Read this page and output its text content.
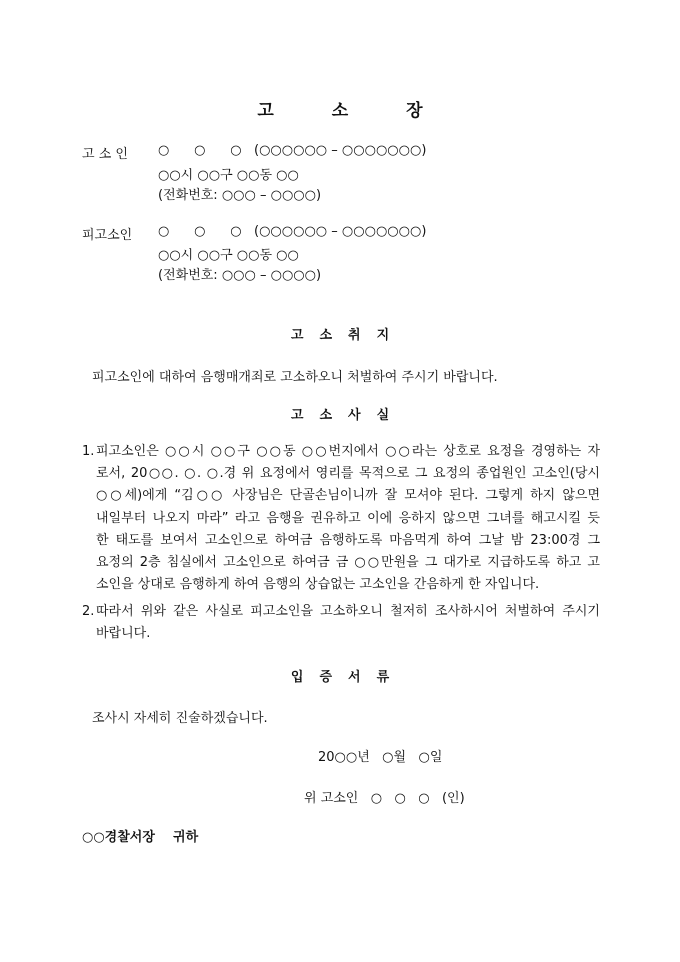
고	소	장
고 소 인 ○      ○      ○   (○○○○○○ – ○○○○○○○)
○○시 ○○구 ○○동 ○○
(전화번호: ○○○ – ○○○○)
피고소인 ○      ○      ○   (○○○○○○ – ○○○○○○○)
○○시 ○○구 ○○동 ○○
(전화번호: ○○○ – ○○○○)
고 소 취 지
피고소인에 대하여 음행매개죄로 고소하오니 처벌하여 주시기 바랍니다.
고 소 사 실
1. 피고소인은 ○○시 ○○구 ○○동 ○○번지에서 ○○라는 상호로 요정을 경영하는 자
로서, 20○○. ○. ○.경 위 요정에서 영리를 목적으로 그 요정의 종업원인 고소인(당시
○○세)에게 “김○○ 사장님은 단골손님이니까 잘 모셔야 된다. 그렇게 하지 않으면
내일부터 나오지 마라” 라고 음행을 권유하고 이에 응하지 않으면 그녀를 해고시킬 듯
한 태도를 보여서 고소인으로 하여금 음행하도록 마음먹게 하여 그날 밤 23:00경 그
요정의 2층 침실에서 고소인으로 하여금 금 ○○만원을 그 대가로 지급하도록 하고 고
소인을 상대로 음행하게 하여 음행의 상습없는 고소인을 간음하게 한 자입니다.
2. 따라서 위와 같은 사실로 피고소인을 고소하오니 철저히 조사하시어 처벌하여 주시기
바랍니다.
입 증 서 류
조사시 자세히 진술하겠습니다.
20○○년   ○월   ○일
위 고소인   ○   ○   ○   (인)
○○경찰서장    귀하
